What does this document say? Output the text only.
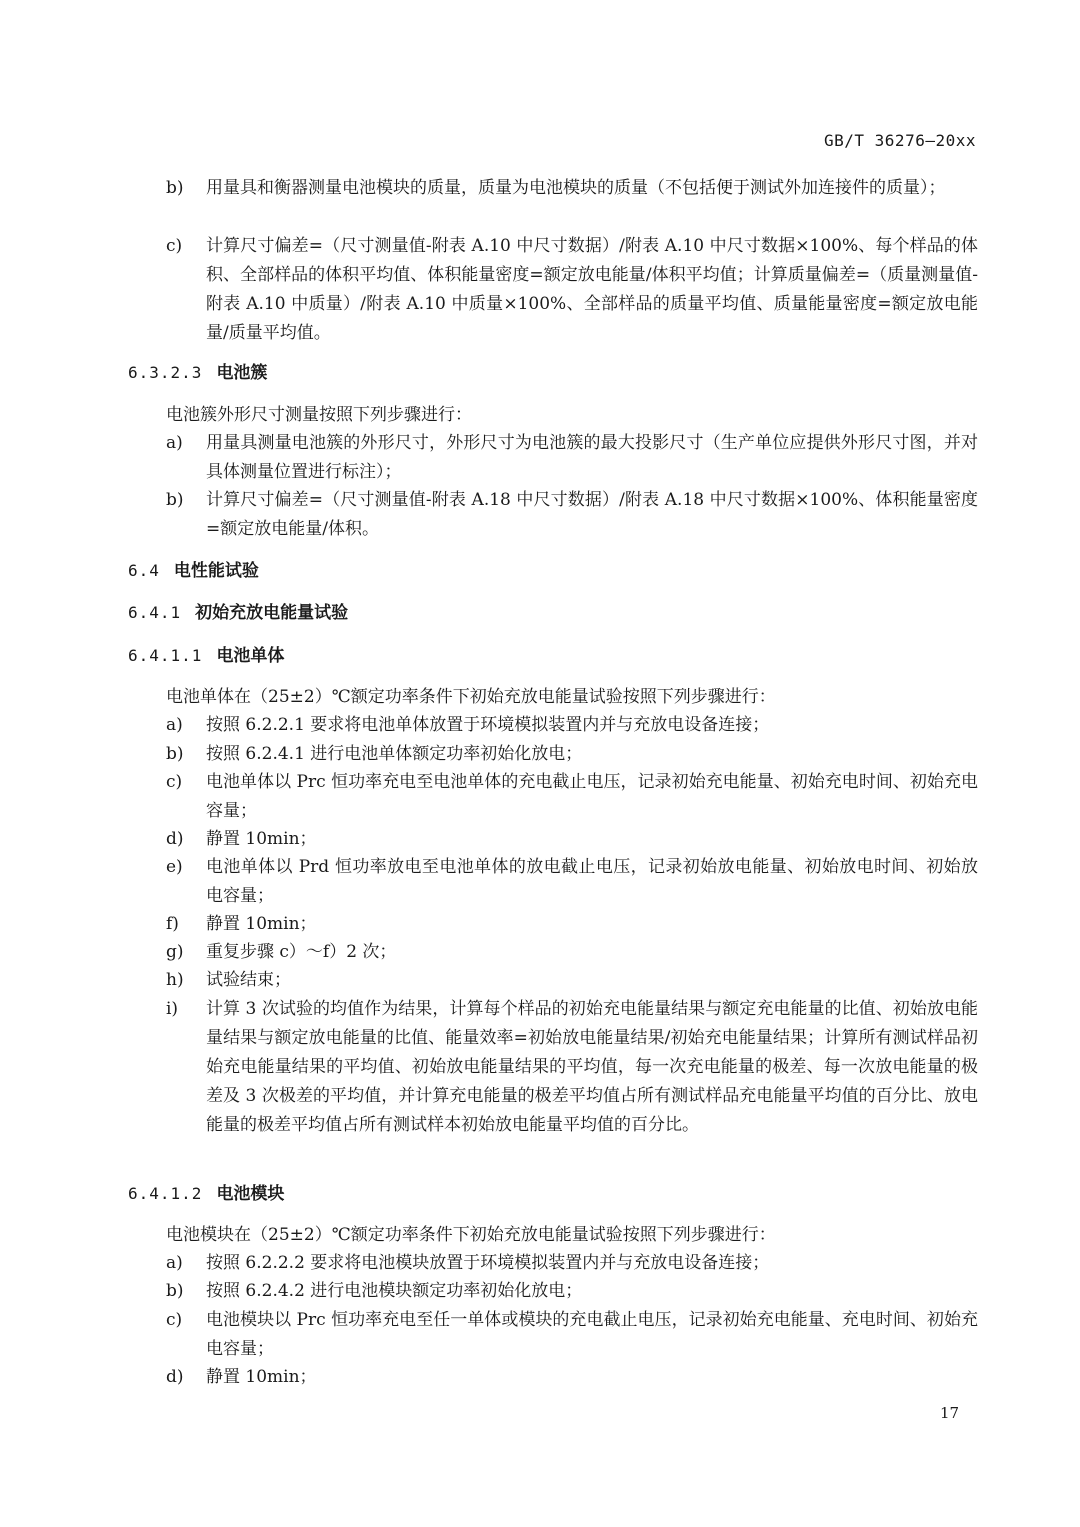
GB/T 36276—20xx
b)	用量具和衡器测量电池模块的质量，质量为电池模块的质量（不包括便于测试外加连接件的质量）；
c)	计算尺寸偏差=（尺寸测量值-附表 A.10 中尺寸数据）/附表 A.10 中尺寸数据×100%、每个样品的体积、全部样品的体积平均值、体积能量密度=额定放电能量/体积平均值；计算质量偏差=（质量测量值-附表 A.10 中质量）/附表 A.10 中质量×100%、全部样品的质量平均值、质量能量密度=额定放电能量/质量平均值。
6.3.2.3 电池簇
电池簇外形尺寸测量按照下列步骤进行：
a)	用量具测量电池簇的外形尺寸，外形尺寸为电池簇的最大投影尺寸（生产单位应提供外形尺寸图，并对具体测量位置进行标注）；
b)	计算尺寸偏差=（尺寸测量值-附表 A.18 中尺寸数据）/附表 A.18 中尺寸数据×100%、体积能量密度=额定放电能量/体积。
6.4 电性能试验
6.4.1 初始充放电能量试验
6.4.1.1 电池单体
电池单体在（25±2）℃额定功率条件下初始充放电能量试验按照下列步骤进行：
a)	按照 6.2.2.1 要求将电池单体放置于环境模拟装置内并与充放电设备连接；
b)	按照 6.2.4.1 进行电池单体额定功率初始化放电；
c)	电池单体以 Prc 恒功率充电至电池单体的充电截止电压，记录初始充电能量、初始充电时间、初始充电容量；
d)	静置 10min；
e)	电池单体以 Prd 恒功率放电至电池单体的放电截止电压，记录初始放电能量、初始放电时间、初始放电容量；
f)	静置 10min；
g)	重复步骤 c）～f）2 次；
h)	试验结束；
i)	计算 3 次试验的均值作为结果，计算每个样品的初始充电能量结果与额定充电能量的比值、初始放电能量结果与额定放电能量的比值、能量效率=初始放电能量结果/初始充电能量结果；计算所有测试样品初始充电能量结果的平均值、初始放电能量结果的平均值，每一次充电能量的极差、每一次放电能量的极差及 3 次极差的平均值，并计算充电能量的极差平均值占所有测试样品充电能量平均值的百分比、放电能量的极差平均值占所有测试样本初始放电能量平均值的百分比。
6.4.1.2 电池模块
电池模块在（25±2）℃额定功率条件下初始充放电能量试验按照下列步骤进行：
a)	按照 6.2.2.2 要求将电池模块放置于环境模拟装置内并与充放电设备连接；
b)	按照 6.2.4.2 进行电池模块额定功率初始化放电；
c)	电池模块以 Prc 恒功率充电至任一单体或模块的充电截止电压，记录初始充电能量、充电时间、初始充电容量；
d)	静置 10min；
17
